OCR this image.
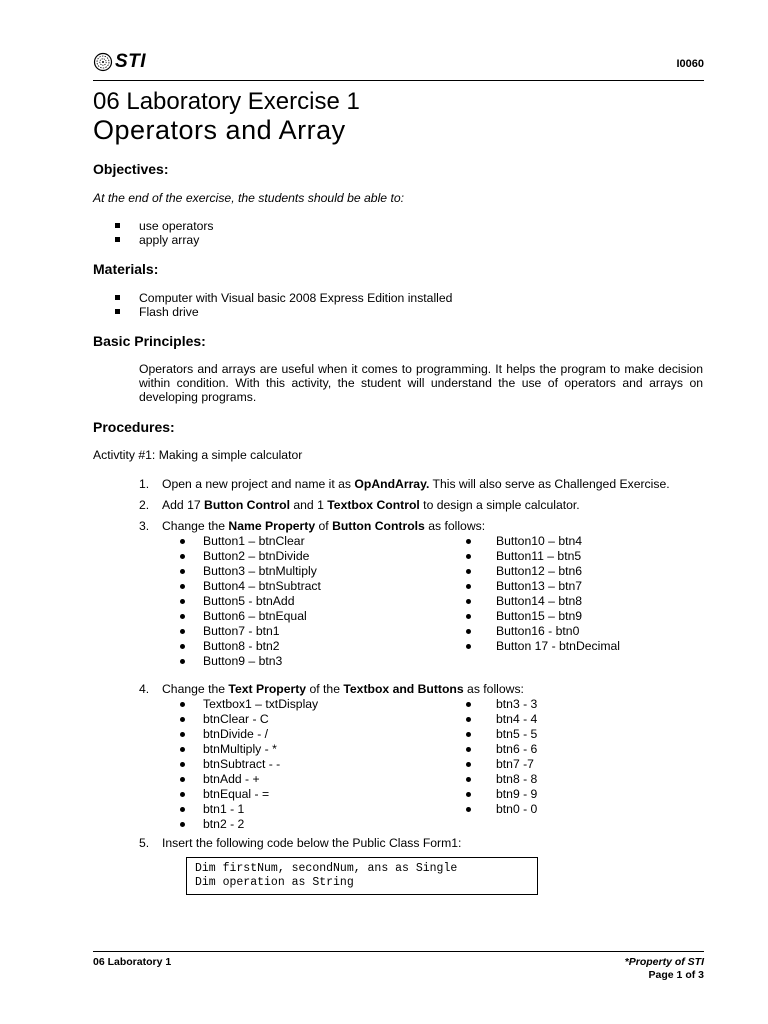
STI	I0060
06 Laboratory Exercise 1
Operators and Array
Objectives:
At the end of the exercise, the students should be able to:
use operators
apply array
Materials:
Computer with Visual basic 2008 Express Edition installed
Flash drive
Basic Principles:
Operators and arrays are useful when it comes to programming. It helps the program to make decision within condition. With this activity, the student will understand the use of operators and arrays on developing programs.
Procedures:
Activtity #1: Making a simple calculator
1. Open a new project and name it as OpAndArray. This will also serve as Challenged Exercise.
2. Add 17 Button Control and 1 Textbox Control to design a simple calculator.
3. Change the Name Property of Button Controls as follows:
Button1 – btnClear
Button2 – btnDivide
Button3 – btnMultiply
Button4 – btnSubtract
Button5 - btnAdd
Button6 – btnEqual
Button7 - btn1
Button8 - btn2
Button9 – btn3
Button10 – btn4
Button11 – btn5
Button12 – btn6
Button13 – btn7
Button14 – btn8
Button15 – btn9
Button16 - btn0
Button 17 - btnDecimal
4. Change the Text Property of the Textbox and Buttons as follows:
Textbox1 – txtDisplay
btnClear - C
btnDivide - /
btnMultiply - *
btnSubtract - -
btnAdd - +
btnEqual - =
btn1 - 1
btn2 - 2
btn3 - 3
btn4 - 4
btn5 - 5
btn6 - 6
btn7 -7
btn8 - 8
btn9 - 9
btn0 - 0
5. Insert the following code below the Public Class Form1:
Dim firstNum, secondNum, ans as Single
Dim operation as String
06 Laboratory 1	*Property of STI
Page 1 of 3
